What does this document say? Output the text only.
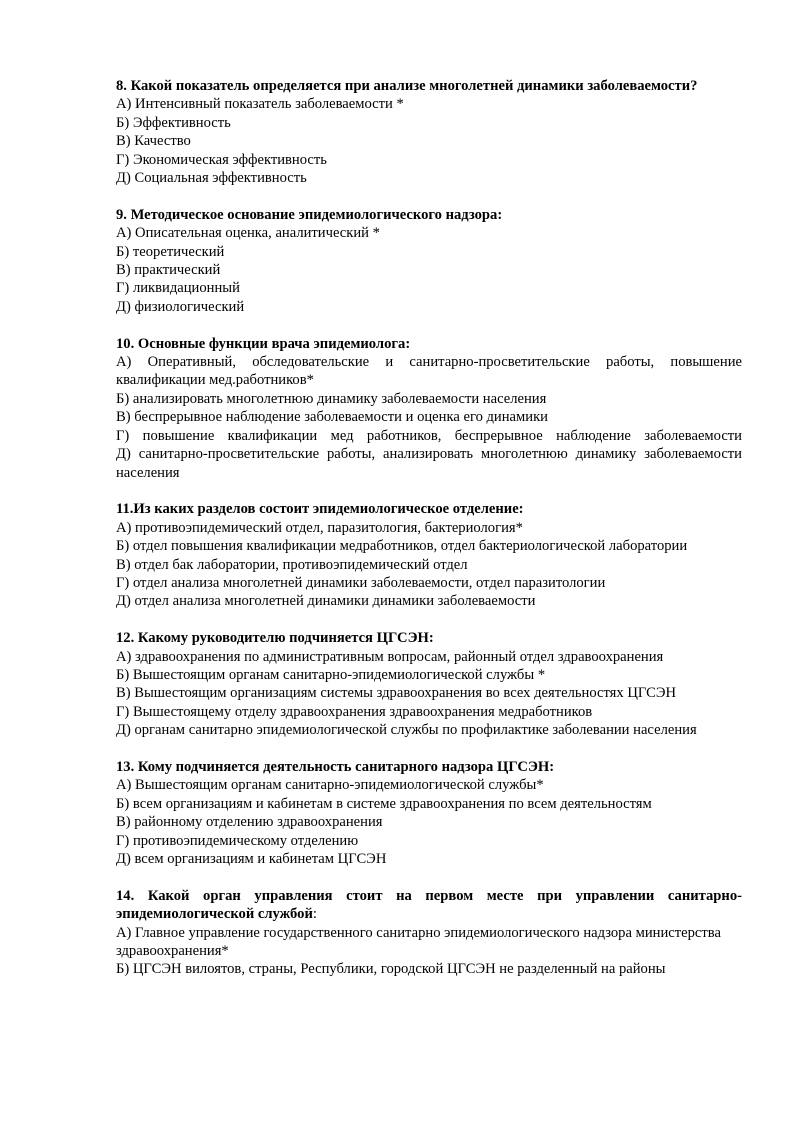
8. Какой показатель определяется при анализе многолетней динамики заболеваемости?

А) Интенсивный показатель заболеваемости *

Б) Эффективность

В) Качество

Г) Экономическая эффективность

Д) Социальная эффективность

9. Методическое основание эпидемиологического надзора:

А) Описательная оценка, аналитический *

Б) теоретический

В) практический

Г) ликвидационный

Д) физиологический

10. Основные функции врача эпидемиолога:

А) Оперативный, обследовательские и санитарно-просветительские работы, повышение квалификации мед.работников*

Б) анализировать многолетнюю динамику заболеваемости населения

В) беспрерывное наблюдение заболеваемости и оценка его динамики

Г) повышение квалификации мед работников, беспрерывное наблюдение заболеваемости

Д) санитарно-просветительские работы, анализировать многолетнюю динамику заболеваемости населения

11.Из каких разделов состоит эпидемиологическое отделение:

А) противоэпидемический отдел, паразитология, бактериология*

Б) отдел повышения квалификации медработников, отдел бактериологической лаборатории

В) отдел бак лаборатории, противоэпидемический отдел

Г) отдел анализа многолетней динамики заболеваемости, отдел паразитологии

Д) отдел анализа многолетней динамики динамики заболеваемости

12. Какому руководителю подчиняется ЦГСЭН:

А) здравоохранения по административным вопросам, районный отдел здравоохранения

Б) Вышестоящим органам санитарно-эпидемиологической службы *

В) Вышестоящим организациям системы здравоохранения во всех деятельностях ЦГСЭН

Г) Вышестоящему отделу здравоохранения здравоохранения медработников

Д) органам санитарно эпидемиологической службы по профилактике заболевании населения

13. Кому подчиняется деятельность санитарного надзора ЦГСЭН:

А) Вышестоящим органам санитарно-эпидемиологической службы*

Б) всем организациям и кабинетам в системе здравоохранения по всем деятельностям

В) районному отделению здравоохранения

Г) противоэпидемическому отделению

Д) всем организациям и кабинетам ЦГСЭН

14. Какой орган управления стоит на первом месте при управлении санитарно-эпидемиологической службой:

А) Главное управление государственного санитарно эпидемиологического надзора министерства здравоохранения*

Б) ЦГСЭН вилоятов, страны, Республики, городской ЦГСЭН не разделенный на районы
